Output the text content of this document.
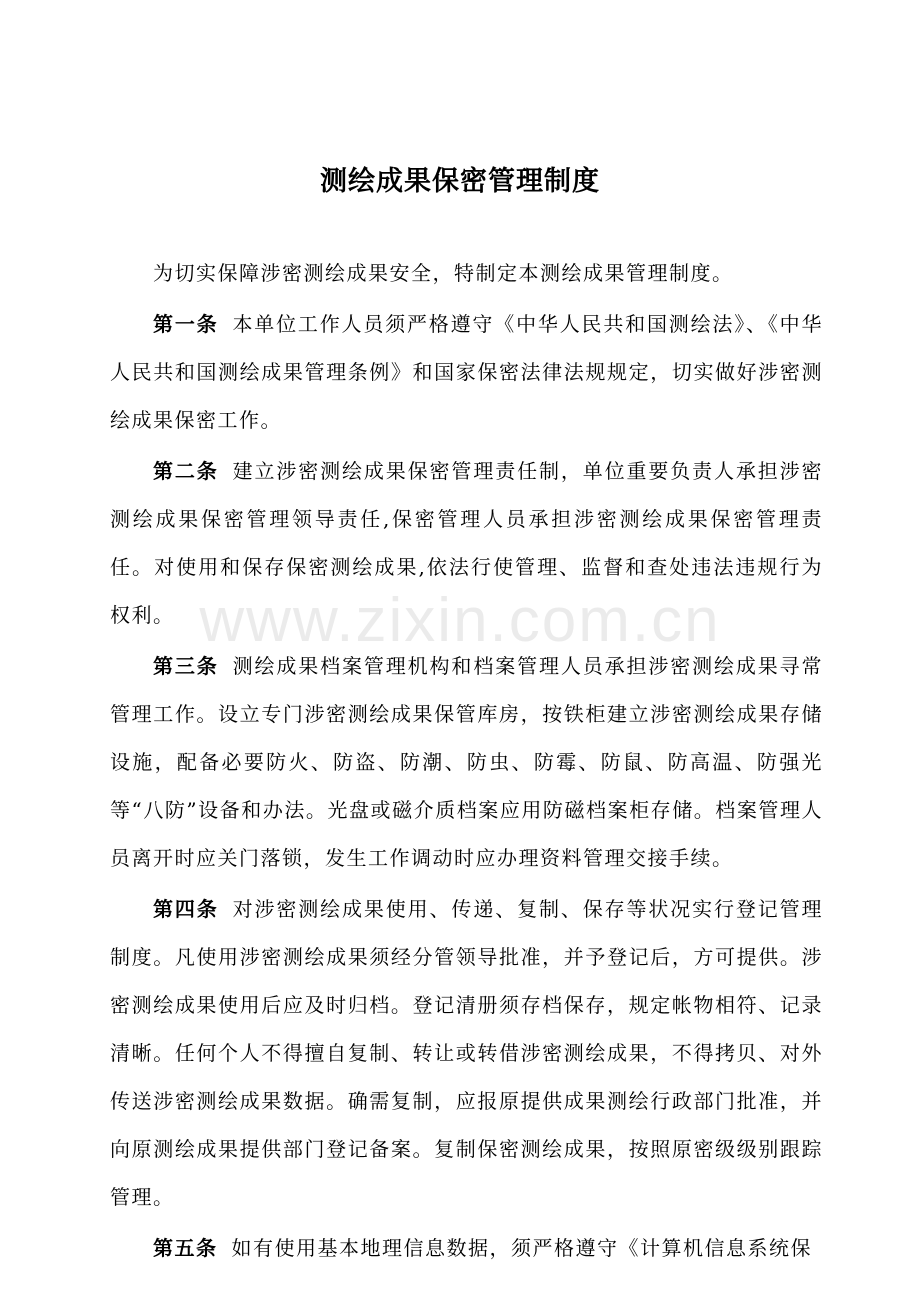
www.zixin.com.cn
测绘成果保密管理制度

为切实保障涉密测绘成果安全，特制定本测绘成果管理制度。

第一条 本单位工作人员须严格遵守《中华人民共和国测绘法》、《中华人民共和国测绘成果管理条例》和国家保密法律法规规定，切实做好涉密测绘成果保密工作。

第二条 建立涉密测绘成果保密管理责任制，单位重要负责人承担涉密测绘成果保密管理领导责任,保密管理人员承担涉密测绘成果保密管理责任。对使用和保存保密测绘成果,依法行使管理、监督和查处违法违规行为权利。

第三条 测绘成果档案管理机构和档案管理人员承担涉密测绘成果寻常管理工作。设立专门涉密测绘成果保管库房，按铁柜建立涉密测绘成果存储设施，配备必要防火、防盗、防潮、防虫、防霉、防鼠、防高温、防强光等“八防”设备和办法。光盘或磁介质档案应用防磁档案柜存储。档案管理人员离开时应关门落锁，发生工作调动时应办理资料管理交接手续。

第四条 对涉密测绘成果使用、传递、复制、保存等状况实行登记管理制度。凡使用涉密测绘成果须经分管领导批准，并予登记后，方可提供。涉密测绘成果使用后应及时归档。登记清册须存档保存，规定帐物相符、记录清晰。任何个人不得擅自复制、转让或转借涉密测绘成果，不得拷贝、对外传送涉密测绘成果数据。确需复制，应报原提供成果测绘行政部门批准，并向原测绘成果提供部门登记备案。复制保密测绘成果，按照原密级级别跟踪管理。

第五条 如有使用基本地理信息数据，须严格遵守《计算机信息系统保
